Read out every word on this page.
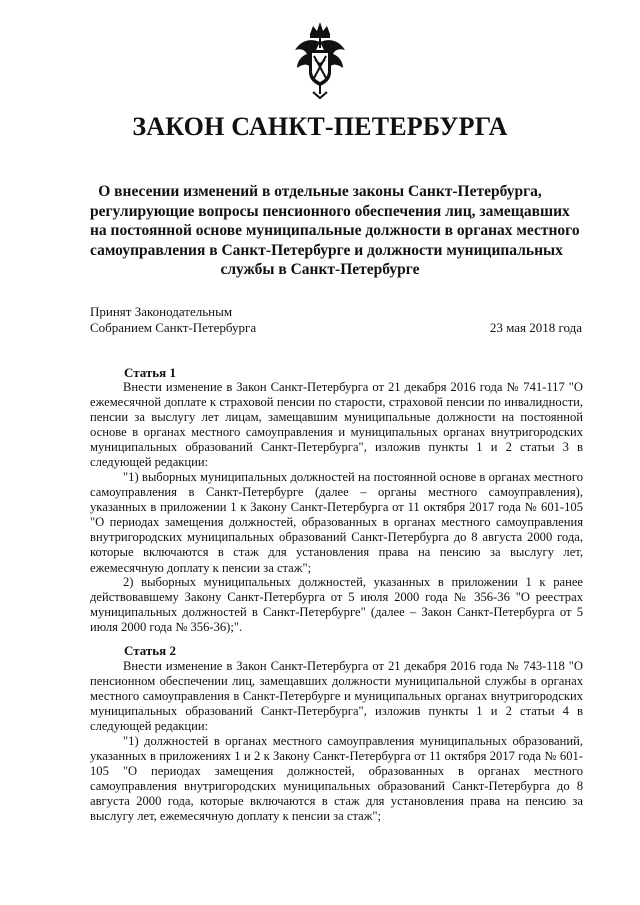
ЗАКОН САНКТ-ПЕТЕРБУРГА
О внесении изменений в отдельные законы Санкт-Петербурга,
регулирующие вопросы пенсионного обеспечения лиц, замещавших
на постоянной основе муниципальные должности в органах местного
самоуправления в Санкт-Петербурге и должности муниципальных
службы в Санкт-Петербурге
Принят Законодательным
Собранием Санкт-Петербурга	23 мая 2018 года
Статья 1
Внести изменение в Закон Санкт-Петербурга от 21 декабря 2016 года № 741-117 "О ежемесячной доплате к страховой пенсии по старости, страховой пенсии по инвалидности, пенсии за выслугу лет лицам, замещавшим муниципальные должности на постоянной основе в органах местного самоуправления и муниципальных органах внутригородских муниципальных образований Санкт-Петербурга", изложив пункты 1 и 2 статьи 3 в следующей редакции:
"1) выборных муниципальных должностей на постоянной основе в органах местного самоуправления в Санкт-Петербурге (далее – органы местного самоуправления), указанных в приложении 1 к Закону Санкт-Петербурга от 11 октября 2017 года № 601-105 "О периодах замещения должностей, образованных в органах местного самоуправления внутригородских муниципальных образований Санкт-Петербурга до 8 августа 2000 года, которые включаются в стаж для установления права на пенсию за выслугу лет, ежемесячную доплату к пенсии за стаж";
2) выборных муниципальных должностей, указанных в приложении 1 к ранее действовавшему Закону Санкт-Петербурга от 5 июля 2000 года № 356-36 "О реестрах муниципальных должностей в Санкт-Петербурге" (далее – Закон Санкт-Петербурга от 5 июля 2000 года № 356-36);".
Статья 2
Внести изменение в Закон Санкт-Петербурга от 21 декабря 2016 года № 743-118 "О пенсионном обеспечении лиц, замещавших должности муниципальной службы в органах местного самоуправления в Санкт-Петербурге и муниципальных органах внутригородских муниципальных образований Санкт-Петербурга", изложив пункты 1 и 2 статьи 4 в следующей редакции:
"1) должностей в органах местного самоуправления муниципальных образований, указанных в приложениях 1 и 2 к Закону Санкт-Петербурга от 11 октября 2017 года № 601-105 "О периодах замещения должностей, образованных в органах местного самоуправления внутригородских муниципальных образований Санкт-Петербурга до 8 августа 2000 года, которые включаются в стаж для установления права на пенсию за выслугу лет, ежемесячную доплату к пенсии за стаж";
